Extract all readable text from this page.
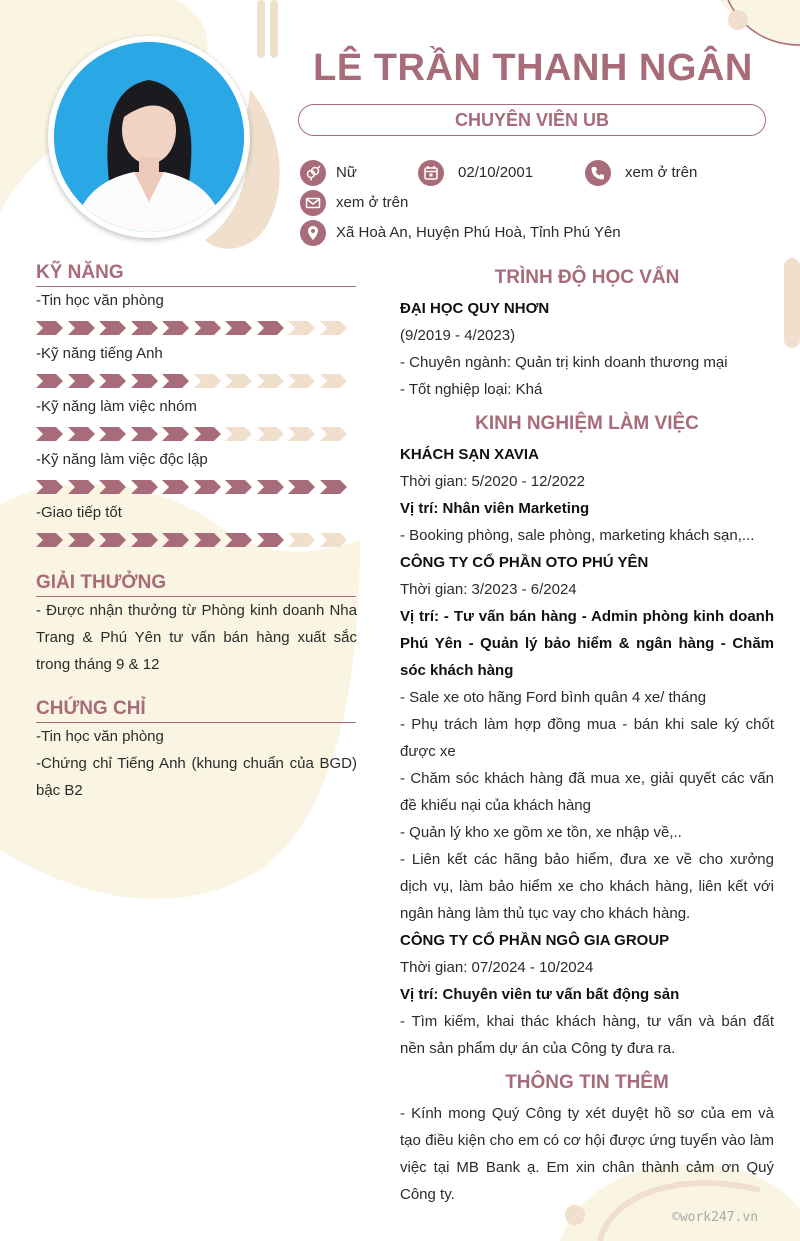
LÊ TRẦN THANH NGÂN
CHUYÊN VIÊN UB
Nữ	02/10/2001	xem ở trên
xem ở trên
Xã Hoà An, Huyện Phú Hoà, Tỉnh Phú Yên
KỸ NĂNG
-Tin học văn phòng
-Kỹ năng tiếng Anh
-Kỹ năng làm việc nhóm
-Kỹ năng làm việc độc lập
-Giao tiếp tốt
GIẢI THƯỞNG
- Được nhận thưởng từ Phòng kinh doanh Nha Trang & Phú Yên tư vấn bán hàng xuất sắc trong tháng 9 & 12
CHỨNG CHỈ
-Tin học văn phòng
-Chứng chỉ Tiếng Anh (khung chuẩn của BGD) bậc B2
TRÌNH ĐỘ HỌC VẤN
ĐẠI HỌC QUY NHƠN
(9/2019 - 4/2023)
- Chuyên ngành: Quản trị kinh doanh thương mại
- Tốt nghiệp loại: Khá
KINH NGHIỆM LÀM VIỆC
KHÁCH SẠN XAVIA
Thời gian: 5/2020 - 12/2022
Vị trí: Nhân viên Marketing
- Booking phòng, sale phòng, marketing khách sạn,...
CÔNG TY CỔ PHẦN OTO PHÚ YÊN
Thời gian: 3/2023 - 6/2024
Vị trí: - Tư vấn bán hàng - Admin phòng kinh doanh Phú Yên - Quản lý bảo hiểm & ngân hàng - Chăm sóc khách hàng
- Sale xe oto hãng Ford bình quân 4 xe/ tháng
- Phụ trách làm hợp đồng mua - bán khi sale ký chốt được xe
- Chăm sóc khách hàng đã mua xe, giải quyết các vấn đề khiếu nại của khách hàng
- Quản lý kho xe gồm xe tồn, xe nhập về,..
- Liên kết các hãng bảo hiểm, đưa xe về cho xưởng dịch vụ, làm bảo hiểm xe cho khách hàng, liên kết với ngân hàng làm thủ tục vay cho khách hàng.
CÔNG TY CỔ PHẦN NGÔ GIA GROUP
Thời gian: 07/2024 - 10/2024
Vị trí: Chuyên viên tư vấn bất động sản
- Tìm kiếm, khai thác khách hàng, tư vấn và bán đất nền sản phẩm dự án của Công ty đưa ra.
THÔNG TIN THÊM
- Kính mong Quý Công ty xét duyệt hồ sơ của em và tạo điều kiện cho em có cơ hội được ứng tuyển vào làm việc tại MB Bank ạ. Em xin chân thành cảm ơn Quý Công ty.
©work247.vn
